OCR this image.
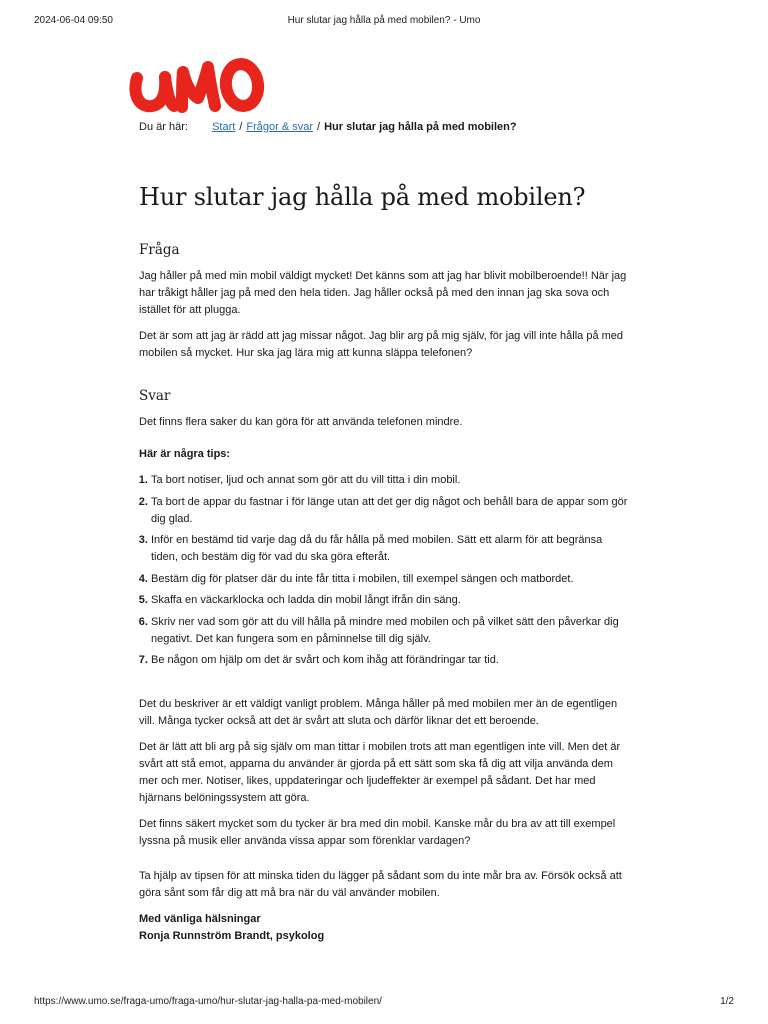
2024-06-04 09:50	Hur slutar jag hålla på med mobilen? - Umo
Du är här: Start / Frågor & svar / Hur slutar jag hålla på med mobilen?
Hur slutar jag hålla på med mobilen?
Fråga

Jag håller på med min mobil väldigt mycket! Det känns som att jag har blivit mobilberoende!! När jag har tråkigt håller jag på med den hela tiden. Jag håller också på med den innan jag ska sova och istället för att plugga.

Det är som att jag är rädd att jag missar något. Jag blir arg på mig själv, för jag vill inte hålla på med mobilen så mycket. Hur ska jag lära mig att kunna släppa telefonen?

Svar

Det finns flera saker du kan göra för att använda telefonen mindre.

Här är några tips:

1. Ta bort notiser, ljud och annat som gör att du vill titta i din mobil.
2. Ta bort de appar du fastnar i för länge utan att det ger dig något och behåll bara de appar som gör dig glad.
3. Inför en bestämd tid varje dag då du får hålla på med mobilen. Sätt ett alarm för att begränsa tiden, och bestäm dig för vad du ska göra efteråt.
4. Bestäm dig för platser där du inte får titta i mobilen, till exempel sängen och matbordet.
5. Skaffa en väckarklocka och ladda din mobil långt ifrån din säng.
6. Skriv ner vad som gör att du vill hålla på mindre med mobilen och på vilket sätt den påverkar dig negativt. Det kan fungera som en påminnelse till dig själv.
7. Be någon om hjälp om det är svårt och kom ihåg att förändringar tar tid.

Det du beskriver är ett väldigt vanligt problem. Många håller på med mobilen mer än de egentligen vill. Många tycker också att det är svårt att sluta och därför liknar det ett beroende.

Det är lätt att bli arg på sig själv om man tittar i mobilen trots att man egentligen inte vill. Men det är svårt att stå emot, apparna du använder är gjorda på ett sätt som ska få dig att vilja använda dem mer och mer. Notiser, likes, uppdateringar och ljudeffekter är exempel på sådant. Det har med hjärnans belöningssystem att göra.

Det finns säkert mycket som du tycker är bra med din mobil. Kanske mår du bra av att till exempel lyssna på musik eller använda vissa appar som förenklar vardagen?

Ta hjälp av tipsen för att minska tiden du lägger på sådant som du inte mår bra av. Försök också att göra sånt som får dig att må bra när du väl använder mobilen.

Med vänliga hälsningar

Ronja Runnström Brandt, psykolog

https://www.umo.se/fraga-umo/fraga-umo/hur-slutar-jag-halla-pa-med-mobilen/	1/2
